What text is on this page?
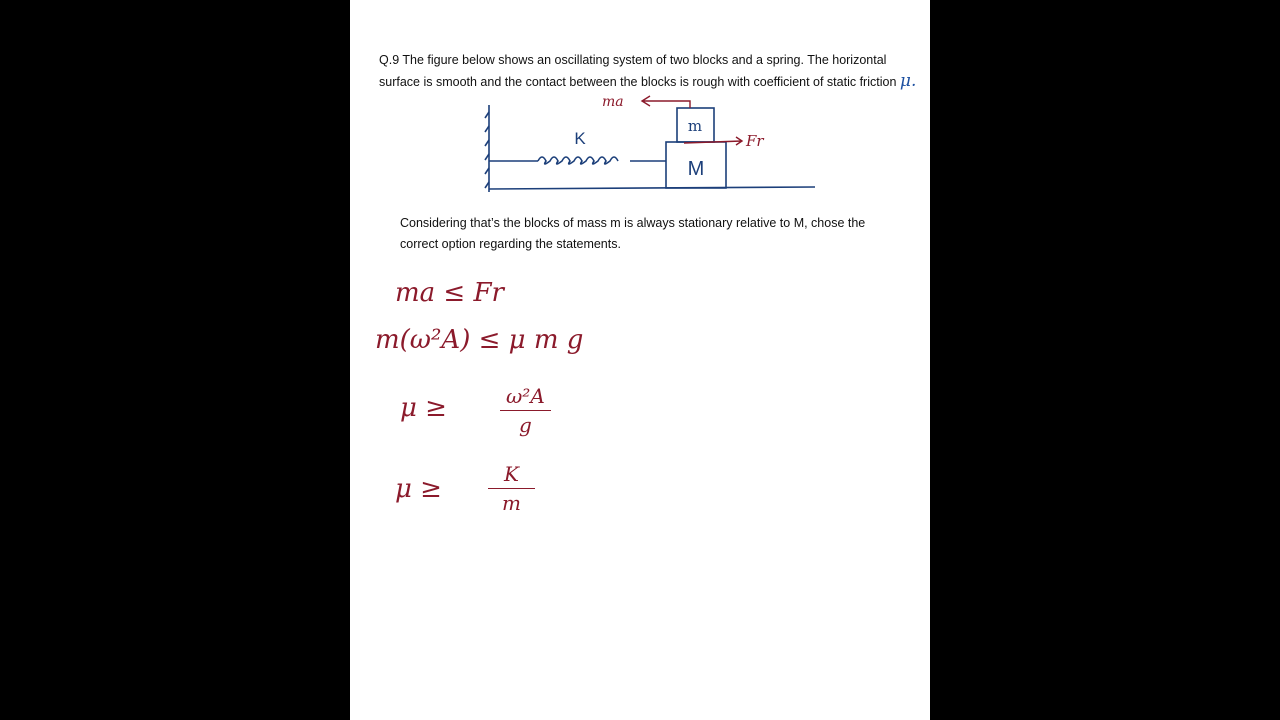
Q.9 The figure below shows an oscillating system of two blocks and a spring. The horizontal surface is smooth and the contact between the blocks is rough with coefficient of static friction μ.
K
m
M
ma
Fr
Considering that’s the blocks of mass m is always stationary relative to M, chose the correct option regarding the statements.
ma ≤ Fr
m(ω²A) ≤ μ m g
μ ≥	$\frac{\text{ω²A}}{g}$
$\mu \ge \frac{K}{m}$
